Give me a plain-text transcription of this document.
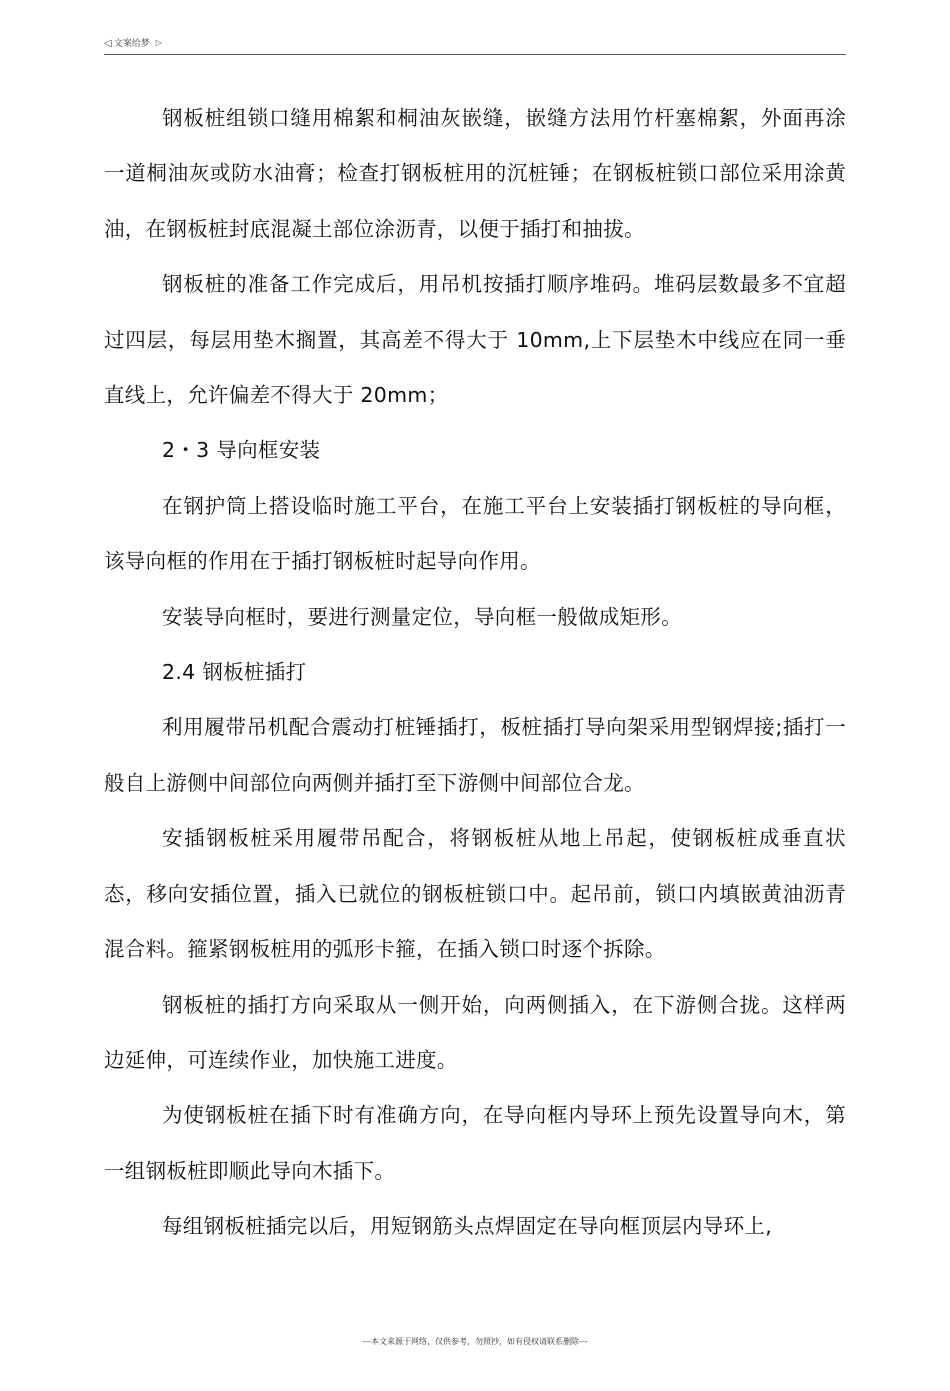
◁ 文案给梦 ▷

钢板桩组锁口缝用棉絮和桐油灰嵌缝，嵌缝方法用竹杆塞棉絮，外面再涂一道桐油灰或防水油膏；检查打钢板桩用的沉桩锤；在钢板桩锁口部位采用涂黄油，在钢板桩封底混凝土部位涂沥青，以便于插打和抽拔。

钢板桩的准备工作完成后，用吊机按插打顺序堆码。堆码层数最多不宜超过四层，每层用垫木搁置，其高差不得大于 10mm,上下层垫木中线应在同一垂直线上，允许偏差不得大于 20mm；

2・3 导向框安装

在钢护筒上搭设临时施工平台，在施工平台上安装插打钢板桩的导向框，该导向框的作用在于插打钢板桩时起导向作用。

安装导向框时，要进行测量定位，导向框一般做成矩形。

2.4 钢板桩插打

利用履带吊机配合震动打桩锤插打，板桩插打导向架采用型钢焊接;插打一般自上游侧中间部位向两侧并插打至下游侧中间部位合龙。

安插钢板桩采用履带吊配合，将钢板桩从地上吊起，使钢板桩成垂直状态，移向安插位置，插入已就位的钢板桩锁口中。起吊前，锁口内填嵌黄油沥青混合料。箍紧钢板桩用的弧形卡箍，在插入锁口时逐个拆除。

钢板桩的插打方向采取从一侧开始，向两侧插入，在下游侧合拢。这样两边延伸，可连续作业，加快施工进度。

为使钢板桩在插下时有准确方向，在导向框内导环上预先设置导向木，第一组钢板桩即顺此导向木插下。

每组钢板桩插完以后，用短钢筋头点焊固定在导向框顶层内导环上,

---本文来源于网络，仅供参考，勿照抄，如有侵权请联系删除---
